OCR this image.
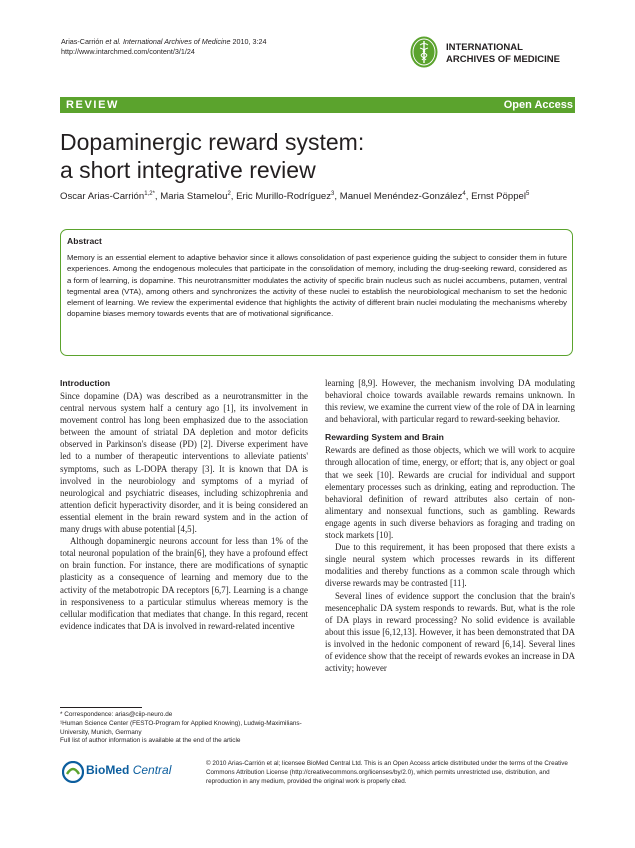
Arias-Carrión et al. International Archives of Medicine 2010, 3:24
http://www.intarchmed.com/content/3/1/24	INTERNATIONAL
ARCHIVES OF MEDICINE
REVIEW	Open Access
Dopaminergic reward system:
a short integrative review
Oscar Arias-Carrión$^{1,2*}$, Maria Stamelou$^2$, Eric Murillo-Rodríguez$^3$, Manuel Menéndez-González$^4$, Ernst Pöppel$^5$
Abstract
Memory is an essential element to adaptive behavior since it allows consolidation of past experience guiding the subject to consider them in future experiences. Among the endogenous molecules that participate in the consolidation of memory, including the drug-seeking reward, considered as a form of learning, is dopamine. This neurotransmitter modulates the activity of specific brain nucleus such as nuclei accumbens, putamen, ventral tegmental area (VTA), among others and synchronizes the activity of these nuclei to establish the neurobiological mechanism to set the hedonic element of learning. We review the experimental evidence that highlights the activity of different brain nuclei modulating the mechanisms whereby dopamine biases memory towards events that are of motivational significance.
Introduction

Since dopamine (DA) was described as a neurotransmitter in the central nervous system half a century ago [1], its involvement in movement control has long been emphasized due to the association between the amount of striatal DA depletion and motor deficits observed in Parkinson's disease (PD) [2]. Diverse experiment have led to a number of therapeutic interventions to alleviate patients' symptoms, such as L-DOPA therapy [3]. It is known that DA is involved in the neurobiology and symptoms of a myriad of neurological and psychiatric diseases, including schizophrenia and attention deficit hyperactivity disorder, and it is being considered an essential element in the brain reward system and in the action of many drugs with abuse potential [4,5].

Although dopaminergic neurons account for less than 1% of the total neuronal population of the brain[6], they have a profound effect on brain function. For instance, there are modifications of synaptic plasticity as a consequence of learning and memory due to the activity of the metabotropic DA receptors [6,7]. Learning is a change in responsiveness to a particular stimulus whereas memory is the cellular modification that mediates that change. In this regard, recent evidence indicates that DA is involved in reward-related incentive

learning [8,9]. However, the mechanism involving DA modulating behavioral choice towards available rewards remains unknown. In this review, we examine the current view of the role of DA in learning and behavioral, with particular regard to reward-seeking behavior.

Rewarding System and Brain

Rewards are defined as those objects, which we will work to acquire through allocation of time, energy, or effort; that is, any object or goal that we seek [10]. Rewards are crucial for individual and support elementary processes such as drinking, eating and reproduction. The behavioral definition of reward attributes also certain of non-alimentary and nonsexual functions, such as gambling. Rewards engage agents in such diverse behaviors as foraging and trading on stock markets [10].

Due to this requirement, it has been proposed that there exists a single neural system which processes rewards in its different modalities and thereby functions as a common scale through which diverse rewards may be contrasted [11].

Several lines of evidence support the conclusion that the brain's mesencephalic DA system responds to rewards. But, what is the role of DA plays in reward processing? No solid evidence is available about this issue [6,12,13]. However, it has been demonstrated that DA is involved in the hedonic component of reward [6,14]. Several lines of evidence show that the receipt of rewards evokes an increase in DA activity; however

* Correspondence: arias@ciip-neuro.de

¹Human Science Center (FESTO-Program for Applied Knowing), Ludwig-Maximilians-University, Munich, Germany

Full list of author information is available at the end of the article

BioMed Central	© 2010 Arias-Carrión et al; licensee BioMed Central Ltd. This is an Open Access article distributed under the terms of the Creative Commons Attribution License (http://creativecommons.org/licenses/by/2.0), which permits unrestricted use, distribution, and reproduction in any medium, provided the original work is properly cited.
